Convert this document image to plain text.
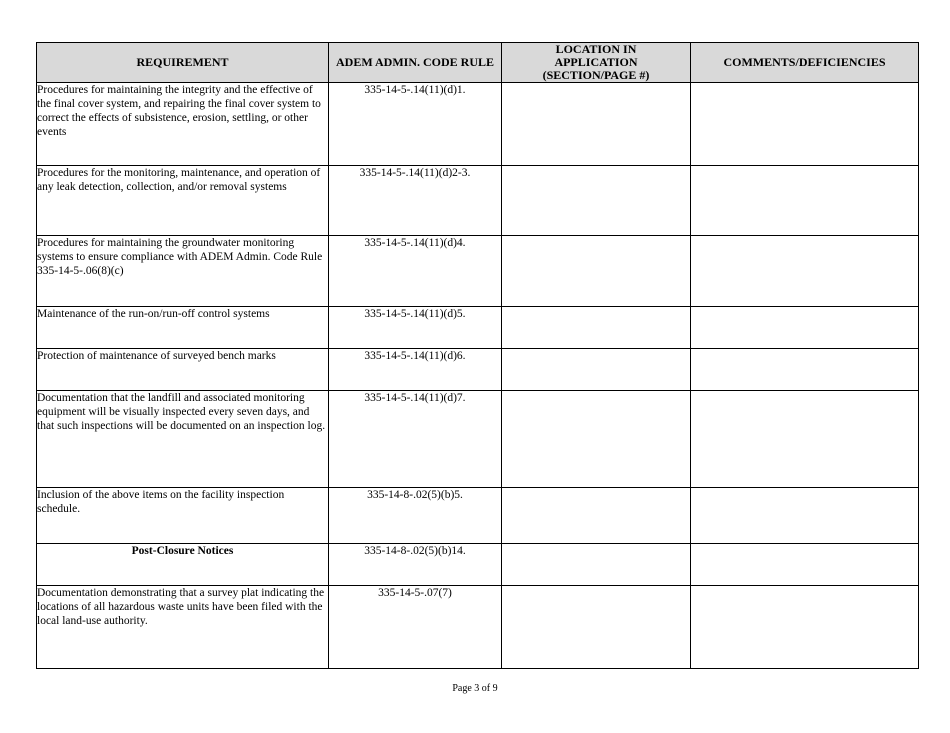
REQUIREMENT	ADEM ADMIN. CODE RULE	LOCATION IN APPLICATION (SECTION/PAGE #)	COMMENTS/DEFICIENCIES
Procedures for maintaining the integrity and the effective of the final cover system, and repairing the final cover system to correct the effects of subsistence, erosion, settling, or other events	335-14-5-.14(11)(d)1.		
Procedures for the monitoring, maintenance, and operation of any leak detection, collection, and/or removal systems	335-14-5-.14(11)(d)2-3.		
Procedures for maintaining the groundwater monitoring systems to ensure compliance with ADEM Admin. Code Rule 335-14-5-.06(8)(c)	335-14-5-.14(11)(d)4.		
Maintenance of the run-on/run-off control systems	335-14-5-.14(11)(d)5.		
Protection of maintenance of surveyed bench marks	335-14-5-.14(11)(d)6.		
Documentation that the landfill and associated monitoring equipment will be visually inspected every seven days, and that such inspections will be documented on an inspection log.	335-14-5-.14(11)(d)7.		
Inclusion of the above items on the facility inspection schedule.	335-14-8-.02(5)(b)5.		
Post-Closure Notices	335-14-8-.02(5)(b)14.		
Documentation demonstrating that a survey plat indicating the locations of all hazardous waste units have been filed with the local land-use authority.	335-14-5-.07(7)		
Page 3 of 9
